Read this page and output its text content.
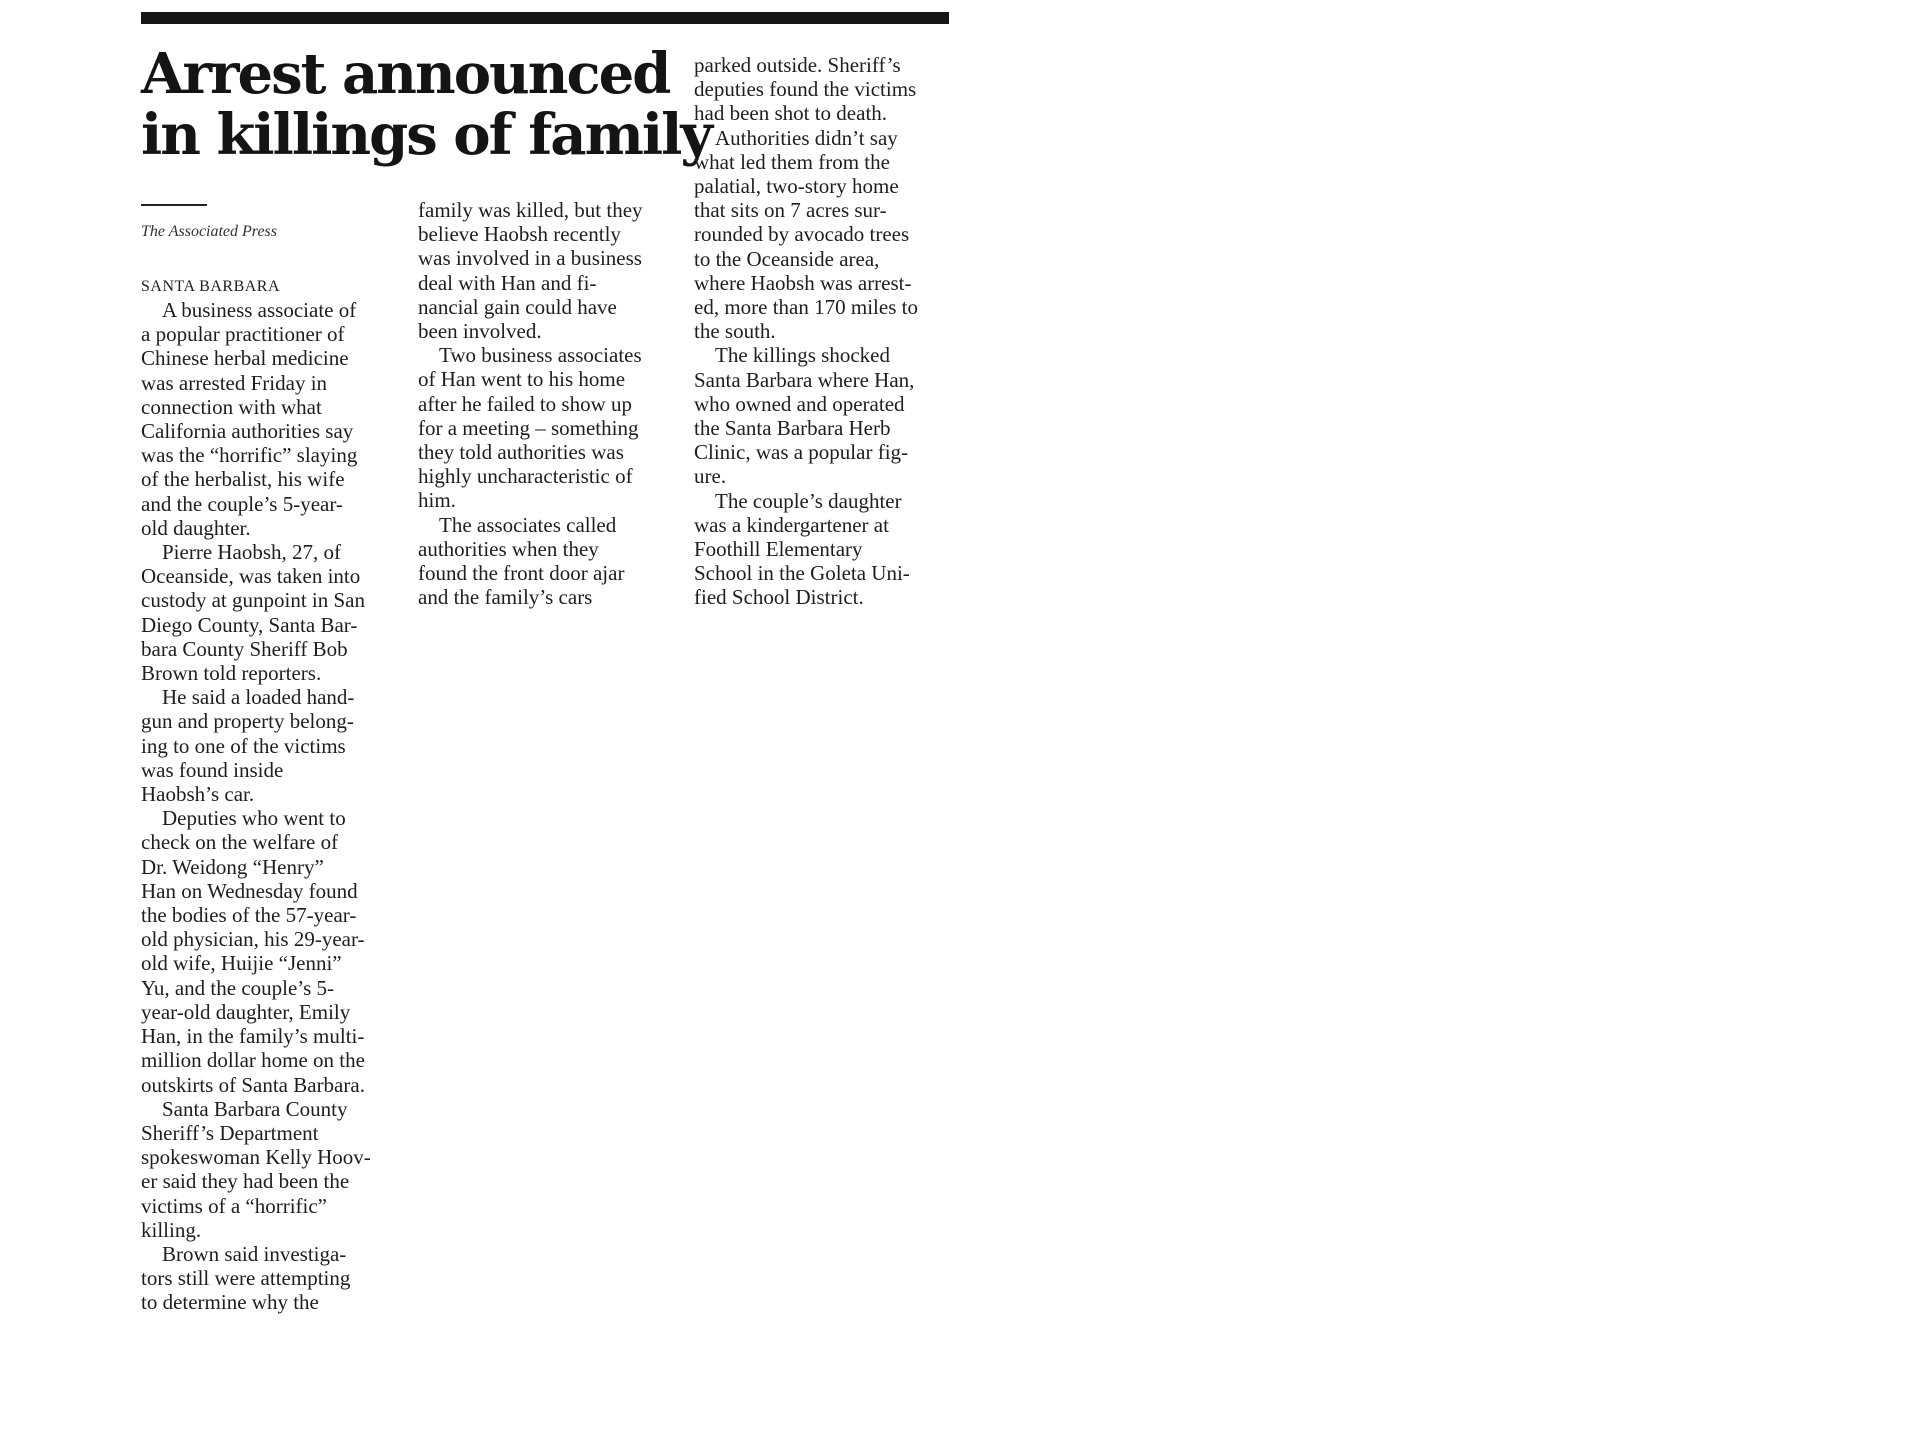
Arrest announced
in killings of family
The Associated Press
SANTA BARBARA
A business associate of
a popular practitioner of
Chinese herbal medicine
was arrested Friday in
connection with what
California authorities say
was the “horrific” slaying
of the herbalist, his wife
and the couple’s 5-year-
old daughter.
Pierre Haobsh, 27, of
Oceanside, was taken into
custody at gunpoint in San
Diego County, Santa Bar-
bara County Sheriff Bob
Brown told reporters.
He said a loaded hand-
gun and property belong-
ing to one of the victims
was found inside
Haobsh’s car.
Deputies who went to
check on the welfare of
Dr. Weidong “Henry”
Han on Wednesday found
the bodies of the 57-year-
old physician, his 29-year-
old wife, Huijie “Jenni”
Yu, and the couple’s 5-
year-old daughter, Emily
Han, in the family’s multi-
million dollar home on the
outskirts of Santa Barbara.
Santa Barbara County
Sheriff’s Department
spokeswoman Kelly Hoov-
er said they had been the
victims of a “horrific”
killing.
Brown said investiga-
tors still were attempting
to determine why the
family was killed, but they
believe Haobsh recently
was involved in a business
deal with Han and fi-
nancial gain could have
been involved.
Two business associates
of Han went to his home
after he failed to show up
for a meeting – something
they told authorities was
highly uncharacteristic of
him.
The associates called
authorities when they
found the front door ajar
and the family’s cars
parked outside. Sheriff’s
deputies found the victims
had been shot to death.
Authorities didn’t say
what led them from the
palatial, two-story home
that sits on 7 acres sur-
rounded by avocado trees
to the Oceanside area,
where Haobsh was arrest-
ed, more than 170 miles to
the south.
The killings shocked
Santa Barbara where Han,
who owned and operated
the Santa Barbara Herb
Clinic, was a popular fig-
ure.
The couple’s daughter
was a kindergartener at
Foothill Elementary
School in the Goleta Uni-
fied School District.
